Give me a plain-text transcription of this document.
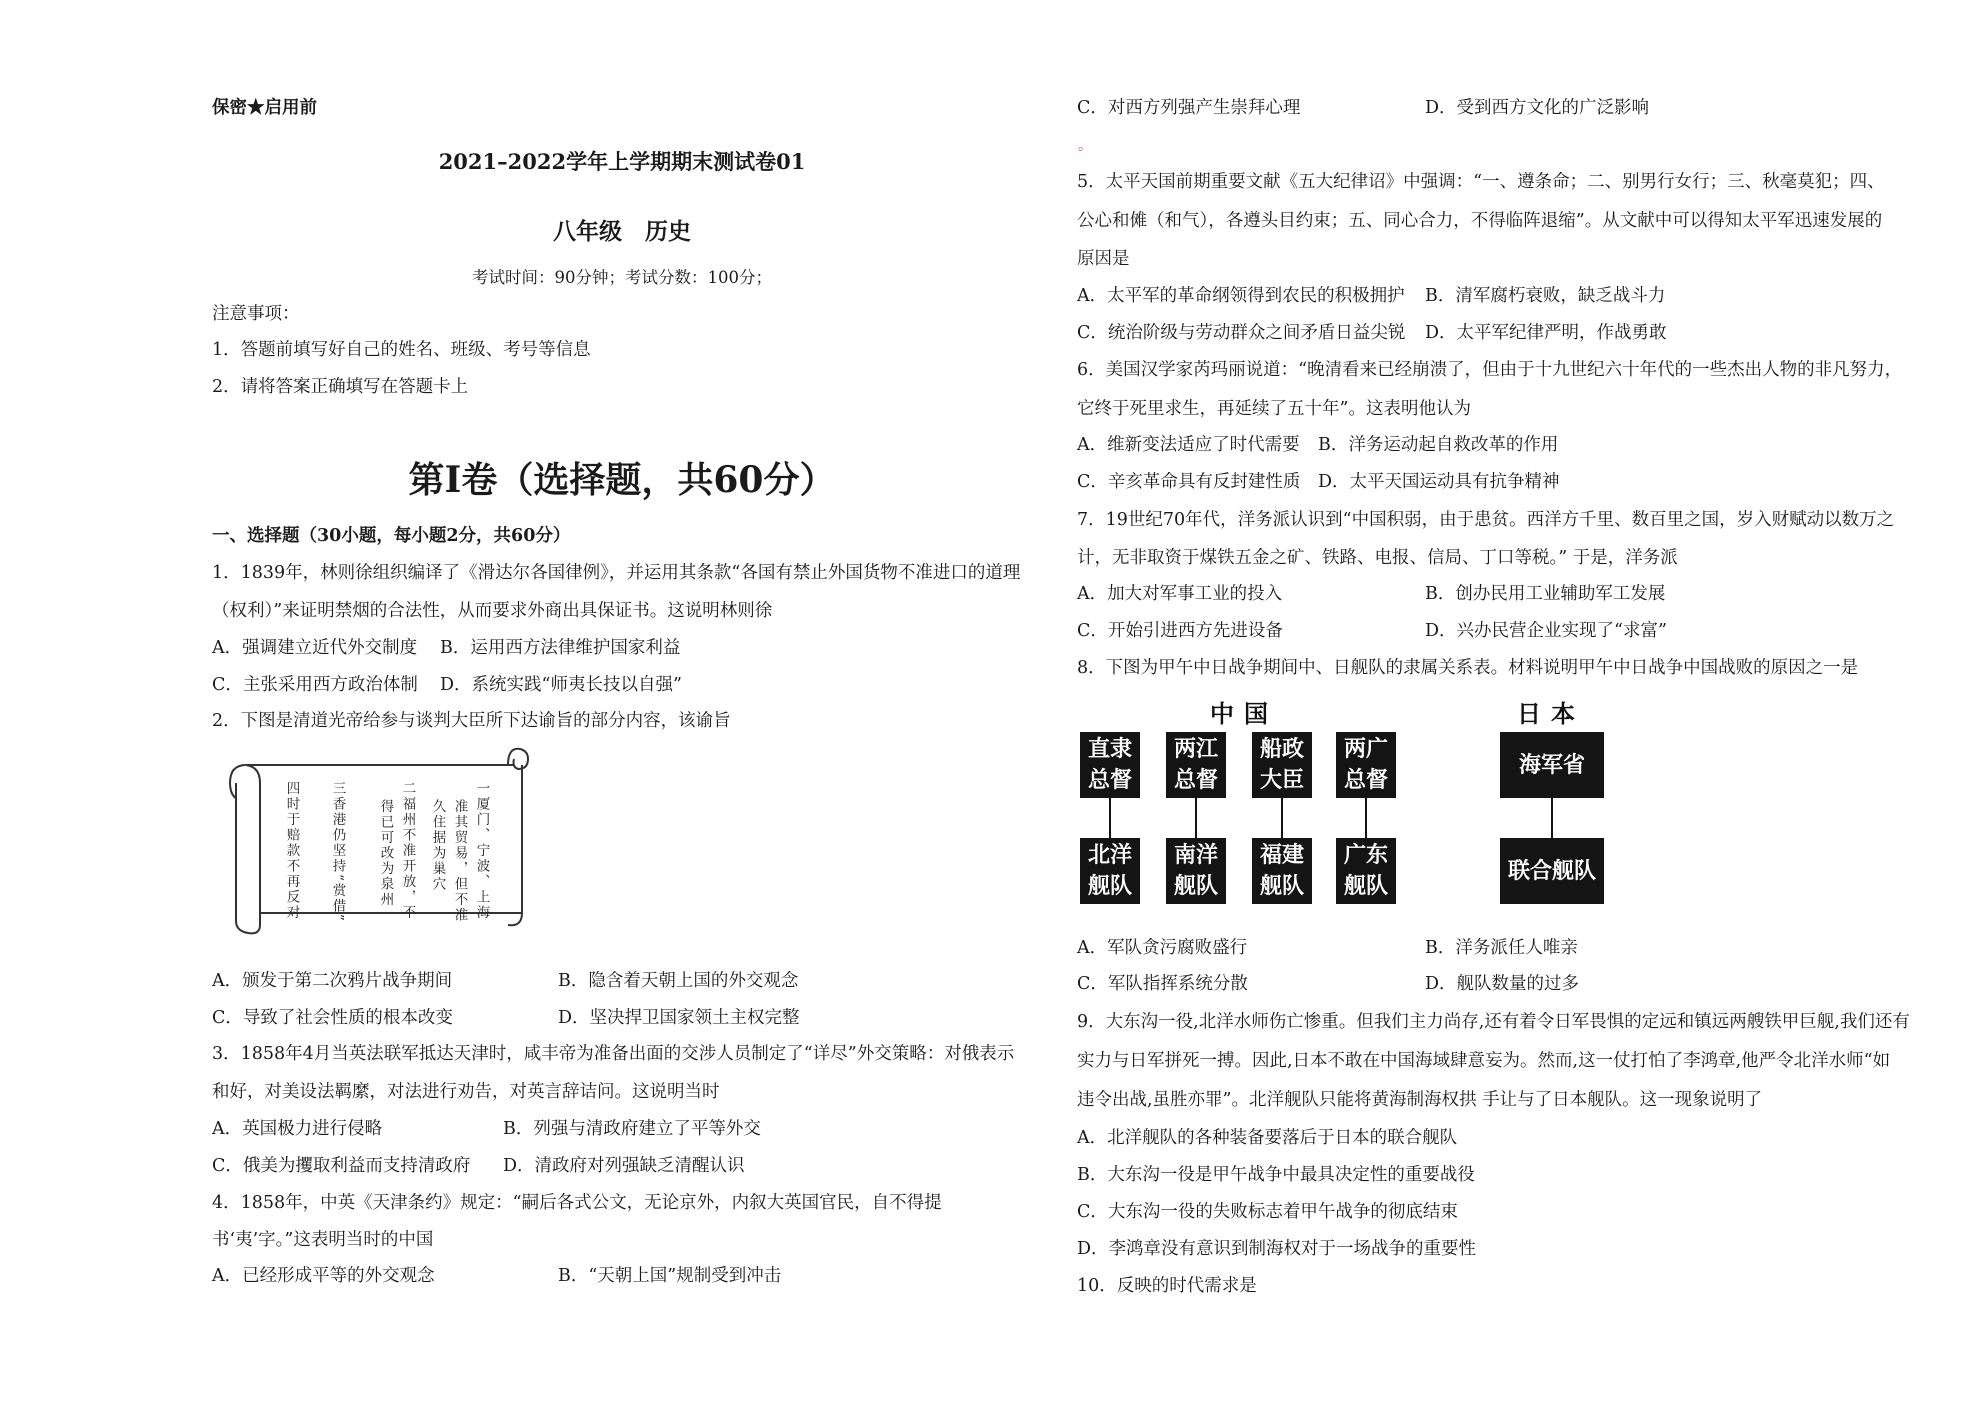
保密★启用前
2021–2022学年上学期期末测试卷01
八年级　历史
考试时间：90分钟；考试分数：100分；
注意事项：
1．答题前填写好自己的姓名、班级、考号等信息
2．请将答案正确填写在答题卡上
第Ⅰ卷（选择题，共60分）
一、选择题（30小题，每小题2分，共60分）
1．1839年，林则徐组织编译了《滑达尔各国律例》，并运用其条款“各国有禁止外国货物不准进口的道理
（权利）”来证明禁烟的合法性，从而要求外商出具保证书。这说明林则徐
A．强调建立近代外交制度 B．运用西方法律维护国家利益
C．主张采用西方政治体制 D．系统实践“师夷长技以自强”
2．下图是清道光帝给参与谈判大臣所下达谕旨的部分内容，该谕旨
一厦门、宁波、上海
准其贸易，但不准
久住据为巢穴
二福州不准开放，不
得已可改为泉州
三香港仍坚持“赏借”
四时于赔款不再反对
A．颁发于第二次鸦片战争期间	B．隐含着天朝上国的外交观念
C．导致了社会性质的根本改变	D．坚决捍卫国家领土主权完整
3．1858年4月当英法联军抵达天津时，咸丰帝为准备出面的交涉人员制定了“详尽”外交策略：对俄表示
和好，对美设法羁縻，对法进行劝告，对英言辞诘问。这说明当时
A．英国极力进行侵略	B．列强与清政府建立了平等外交
C．俄美为攫取利益而支持清政府 D．清政府对列强缺乏清醒认识
4．1858年，中英《天津条约》规定：“嗣后各式公文，无论京外，内叙大英国官民，自不得提
书‘夷’字。”这表明当时的中国
A．已经形成平等的外交观念	B．“天朝上国”规制受到冲击
C．对西方列强产生崇拜心理	D．受到西方文化的广泛影响
。
5．太平天国前期重要文献《五大纪律诏》中强调：“一、遵条命；二、别男行女行；三、秋毫莫犯；四、
公心和傩（和气），各遵头目约束；五、同心合力，不得临阵退缩”。从文献中可以得知太平军迅速发展的
原因是
A．太平军的革命纲领得到农民的积极拥护 B．清军腐朽衰败，缺乏战斗力
C．统治阶级与劳动群众之间矛盾日益尖锐 D．太平军纪律严明，作战勇敢
6．美国汉学家芮玛丽说道：“晚清看来已经崩溃了，但由于十九世纪六十年代的一些杰出人物的非凡努力，
它终于死里求生，再延续了五十年”。这表明他认为
A．维新变法适应了时代需要 B．洋务运动起自救改革的作用
C．辛亥革命具有反封建性质 D．太平天国运动具有抗争精神
7．19世纪70年代，洋务派认识到“中国积弱，由于患贫。西洋方千里、数百里之国，岁入财赋动以数万之
计，无非取资于煤铁五金之矿、铁路、电报、信局、丁口等税。” 于是，洋务派
A．加大对军事工业的投入	B．创办民用工业辅助军工发展
C．开始引进西方先进设备	D．兴办民营企业实现了“求富”
8．下图为甲午中日战争期间中、日舰队的隶属关系表。材料说明甲午中日战争中国战败的原因之一是
中国	日本
直隶
总督
两江
总督
船政
大臣
两广
总督
北洋
舰队
南洋
舰队
福建
舰队
广东
舰队
海军省
联合舰队
A．军队贪污腐败盛行	B．洋务派任人唯亲
C．军队指挥系统分散	D．舰队数量的过多
9．大东沟一役,北洋水师伤亡惨重。但我们主力尚存,还有着令日军畏惧的定远和镇远两艘铁甲巨舰,我们还有
实力与日军拼死一搏。因此,日本不敢在中国海域肆意妄为。然而,这一仗打怕了李鸿章,他严令北洋水师“如
违令出战,虽胜亦罪”。北洋舰队只能将黄海制海权拱 手让与了日本舰队。这一现象说明了
A．北洋舰队的各种装备要落后于日本的联合舰队
B．大东沟一役是甲午战争中最具决定性的重要战役
C．大东沟一役的失败标志着甲午战争的彻底结束
D．李鸿章没有意识到制海权对于一场战争的重要性
10．反映的时代需求是
